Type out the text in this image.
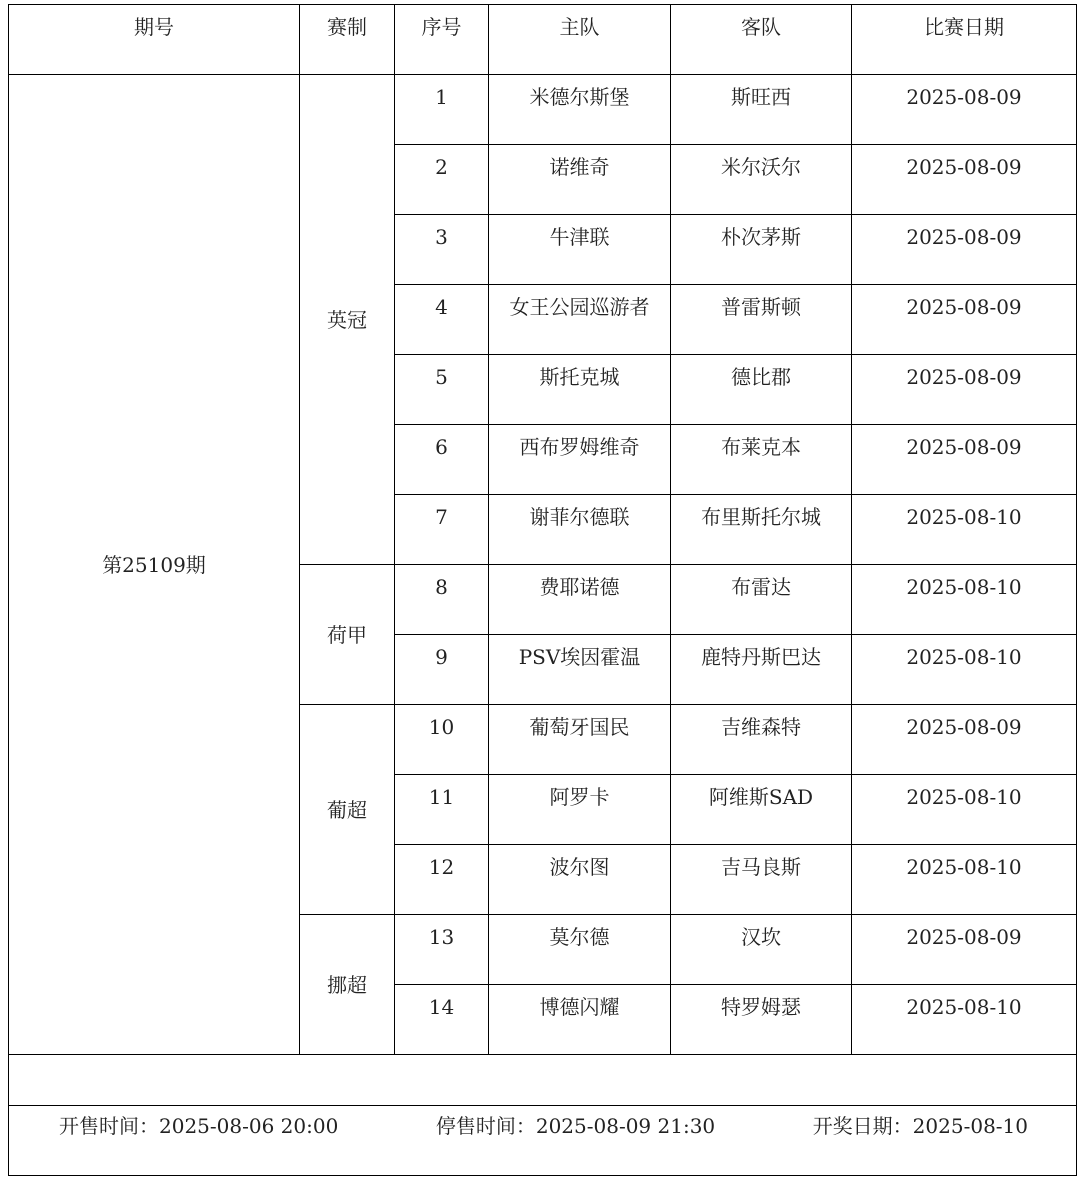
期号	赛制	序号	主队	客队	比赛日期
第25109期	英冠	1	米德尔斯堡	斯旺西	2025-08-09
		2	诺维奇	米尔沃尔	2025-08-09
		3	牛津联	朴次茅斯	2025-08-09
		4	女王公园巡游者	普雷斯顿	2025-08-09
		5	斯托克城	德比郡	2025-08-09
		6	西布罗姆维奇	布莱克本	2025-08-09
		7	谢菲尔德联	布里斯托尔城	2025-08-10
	荷甲	8	费耶诺德	布雷达	2025-08-10
		9	PSV埃因霍温	鹿特丹斯巴达	2025-08-10
	葡超	10	葡萄牙国民	吉维森特	2025-08-09
		11	阿罗卡	阿维斯SAD	2025-08-10
		12	波尔图	吉马良斯	2025-08-10
	挪超	13	莫尔德	汉坎	2025-08-09
		14	博德闪耀	特罗姆瑟	2025-08-10

开售时间：2025-08-06 20:00 停售时间：2025-08-09 21:30 开奖日期：2025-08-10					
